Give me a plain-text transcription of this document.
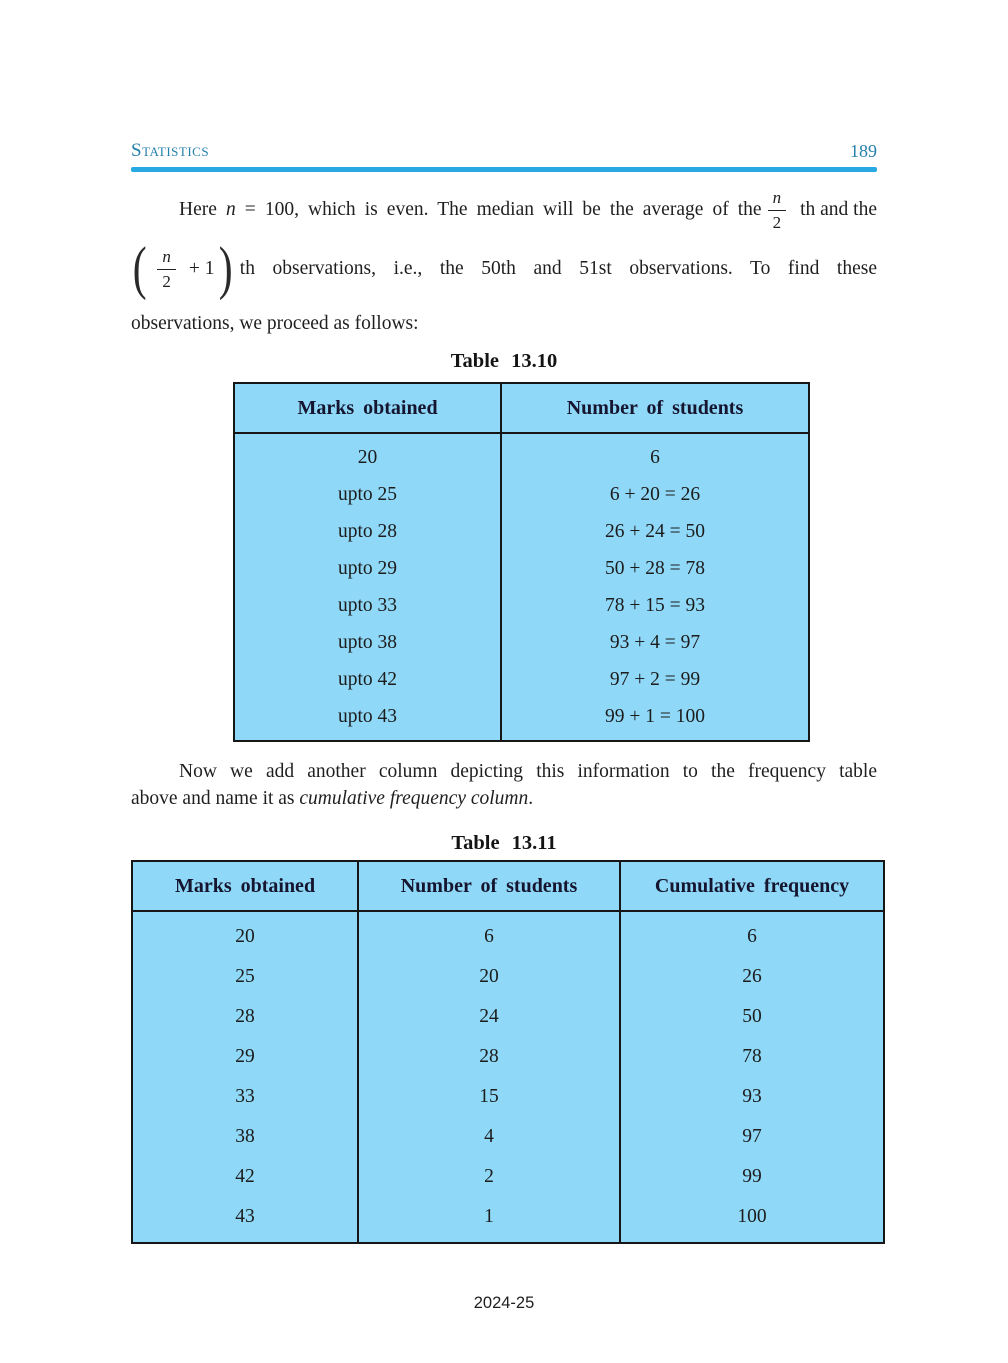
Statistics	189
Here n = 100, which is even. The median will be the average of the $\frac{n}{2}$ th and the
( $\frac{n}{2} + 1$ ) th observations, i.e., the 50th and 51st observations. To find these
observations, we proceed as follows:
Table 13.10
Marks obtained	Number of students
20	6
upto 25	6 + 20 = 26
upto 28	26 + 24 = 50
upto 29	50 + 28 = 78
upto 33	78 + 15 = 93
upto 38	93 + 4 = 97
upto 42	97 + 2 = 99
upto 43	99 + 1 = 100
Now we add another column depicting this information to the frequency table
above and name it as cumulative frequency column.
Table 13.11
Marks obtained	Number of students	Cumulative frequency
20	6	6
25	20	26
28	24	50
29	28	78
33	15	93
38	4	97
42	2	99
43	1	100
2024-25
